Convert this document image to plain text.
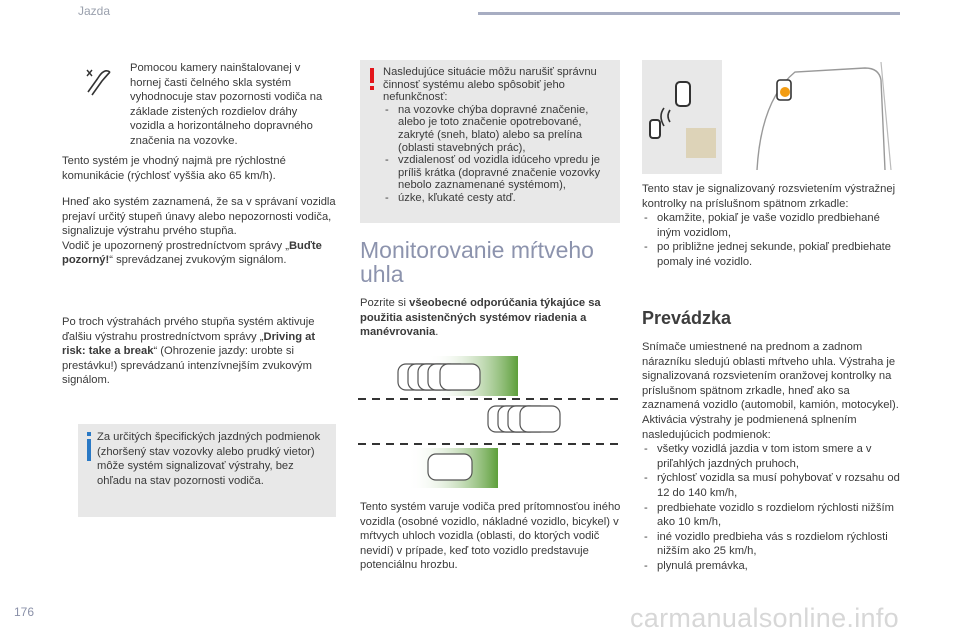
Jazda
Pomocou kamery nainštalovanej v hornej časti čelného skla systém vyhodnocuje stav pozornosti vodiča na základe zistených rozdielov dráhy vozidla a horizontálneho dopravného značenia na vozovke.
Tento systém je vhodný najmä pre rýchlostné komunikácie (rýchlosť vyššia ako 65 km/h).
Hneď ako systém zaznamená, že sa v správaní vozidla prejaví určitý stupeň únavy alebo nepozornosti vodiča, signalizuje výstrahu prvého stupňa.
Vodič je upozornený prostredníctvom správy „Buďte pozorný!“ sprevádzanej zvukovým signálom.
Po troch výstrahách prvého stupňa systém aktivuje ďalšiu výstrahu prostredníctvom správy „Driving at risk: take a break“ (Ohrozenie jazdy: urobte si prestávku!) sprevádzanú intenzívnejším zvukovým signálom.
Za určitých špecifických jazdných podmienok (zhoršený stav vozovky alebo prudký vietor) môže systém signalizovať výstrahy, bez ohľadu na stav pozornosti vodiča.
Nasledujúce situácie môžu narušiť správnu činnosť systému alebo spôsobiť jeho nefunkčnosť:
- na vozovke chýba dopravné značenie, alebo je toto značenie opotrebované, zakryté (sneh, blato) alebo sa prelína (oblasti stavebných prác),
- vzdialenosť od vozidla idúceho vpredu je príliš krátka (dopravné značenie vozovky nebolo zaznamenané systémom),
- úzke, kľukaté cesty atď.
Monitorovanie mŕtveho uhla
Pozrite si všeobecné odporúčania týkajúce sa použitia asistenčných systémov riadenia a manévrovania.
Tento systém varuje vodiča pred prítomnosťou iného vozidla (osobné vozidlo, nákladné vozidlo, bicykel) v mŕtvych uhloch vozidla (oblasti, do ktorých vodič nevidí) v prípade, keď toto vozidlo predstavuje potenciálnu hrozbu.
Tento stav je signalizovaný rozsvietením výstražnej kontrolky na príslušnom spätnom zrkadle:
- okamžite, pokiaľ je vaše vozidlo predbiehané iným vozidlom,
- po približne jednej sekunde, pokiaľ predbiehate pomaly iné vozidlo.
Prevádzka
Snímače umiestnené na prednom a zadnom nárazníku sledujú oblasti mŕtveho uhla. Výstraha je signalizovaná rozsvietením oranžovej kontrolky na príslušnom spätnom zrkadle, hneď ako sa zaznamená vozidlo (automobil, kamión, motocykel). Aktivácia výstrahy je podmienená splnením nasledujúcich podmienok:
- všetky vozidlá jazdia v tom istom smere a v priľahlých jazdných pruhoch,
- rýchlosť vozidla sa musí pohybovať v rozsahu od 12 do 140 km/h,
- predbiehate vozidlo s rozdielom rýchlosti nižším ako 10 km/h,
- iné vozidlo predbieha vás s rozdielom rýchlosti nižším ako 25 km/h,
- plynulá premávka,
176	carmanualsonline.info
